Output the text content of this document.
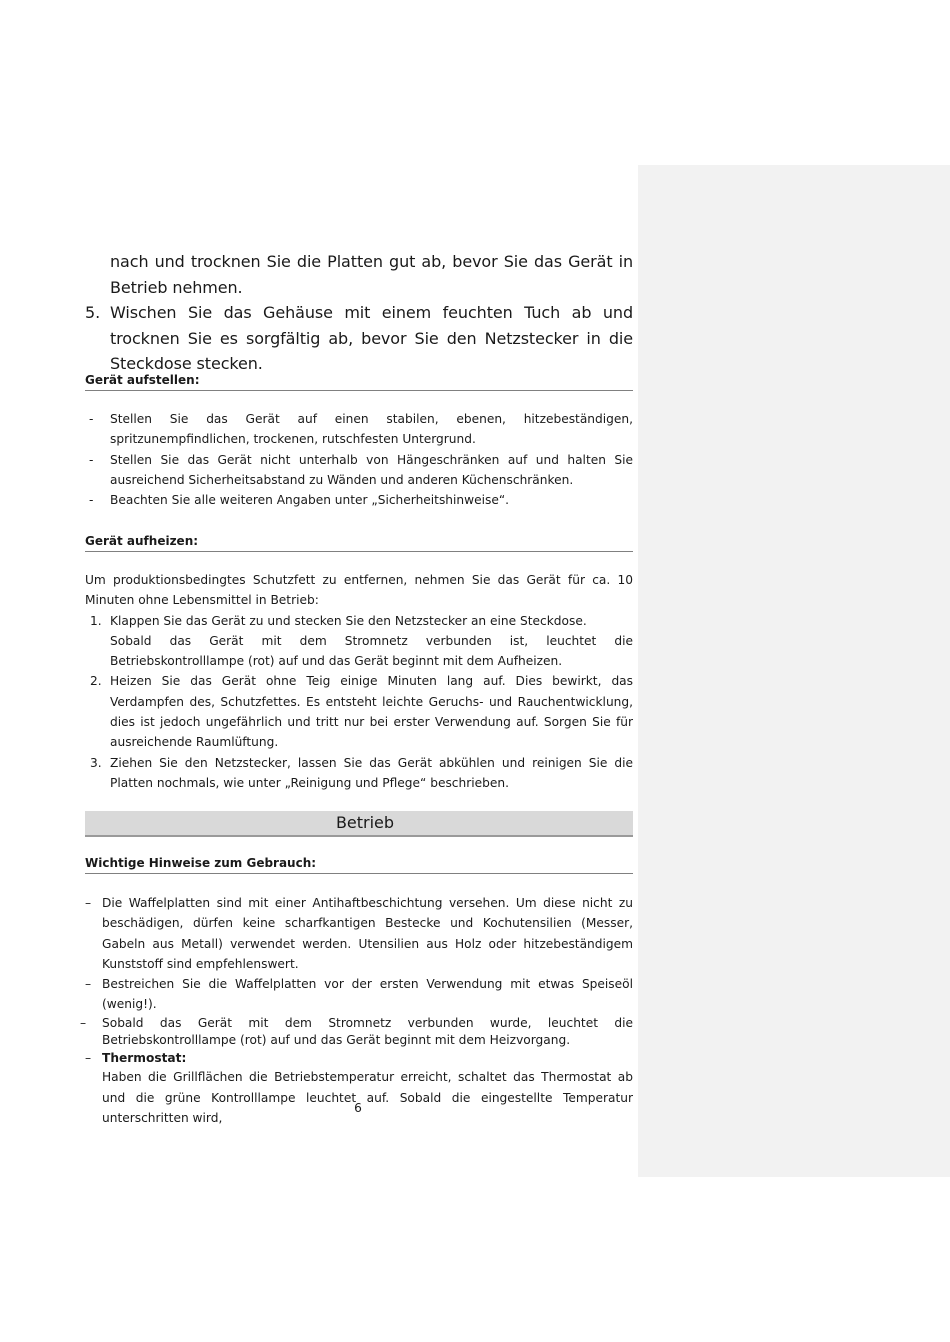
nach und trocknen Sie die Platten gut ab, bevor Sie das Gerät in Betrieb nehmen.

5. Wischen Sie das Gehäuse mit einem feuchten Tuch ab und trocknen Sie es sorgfältig ab, bevor Sie den Netzstecker in die Steckdose stecken.
Gerät aufstellen:
-	Stellen Sie das Gerät auf einen stabilen, ebenen, hitzebeständigen, spritzunempfindlichen, trockenen, rutschfesten Untergrund.
-	Stellen Sie das Gerät nicht unterhalb von Hängeschränken auf und halten Sie ausreichend Sicherheitsabstand zu Wänden und anderen Küchenschränken.
-	Beachten Sie alle weiteren Angaben unter „Sicherheitshinweise“.
Gerät aufheizen:

Um produktionsbedingtes Schutzfett zu entfernen, nehmen Sie das Gerät für ca. 10 Minuten ohne Lebensmittel in Betrieb:

1. Klappen Sie das Gerät zu und stecken Sie den Netzstecker an eine Steckdose.
Sobald das Gerät mit dem Stromnetz verbunden ist, leuchtet die Betriebskontrolllampe (rot) auf und das Gerät beginnt mit dem Aufheizen.
2. Heizen Sie das Gerät ohne Teig einige Minuten lang auf. Dies bewirkt, das Verdampfen des, Schutzfettes. Es entsteht leichte Geruchs- und Rauchentwicklung, dies ist jedoch ungefährlich und tritt nur bei erster Verwendung auf. Sorgen Sie für ausreichende Raumlüftung.
3. Ziehen Sie den Netzstecker, lassen Sie das Gerät abkühlen und reinigen Sie die Platten nochmals, wie unter „Reinigung und Pflege“ beschrieben.
Betrieb
Wichtige Hinweise zum Gebrauch:
– Die Waffelplatten sind mit einer Antihaftbeschichtung versehen. Um diese nicht zu beschädigen, dürfen keine scharfkantigen Bestecke und Kochutensilien (Messer, Gabeln aus Metall) verwendet werden. Utensilien aus Holz oder hitzebeständigem Kunststoff sind empfehlenswert.
– Bestreichen Sie die Waffelplatten vor der ersten Verwendung mit etwas Speiseöl (wenig!).
–	Sobald das Gerät mit dem Stromnetz verbunden wurde, leuchtet die Betriebskontrolllampe (rot) auf und das Gerät beginnt mit dem Heizvorgang.
– Thermostat:
Haben die Grillflächen die Betriebstemperatur erreicht, schaltet das Thermostat ab und die grüne Kontrolllampe leuchtet auf. Sobald die eingestellte Temperatur unterschritten wird,
6
